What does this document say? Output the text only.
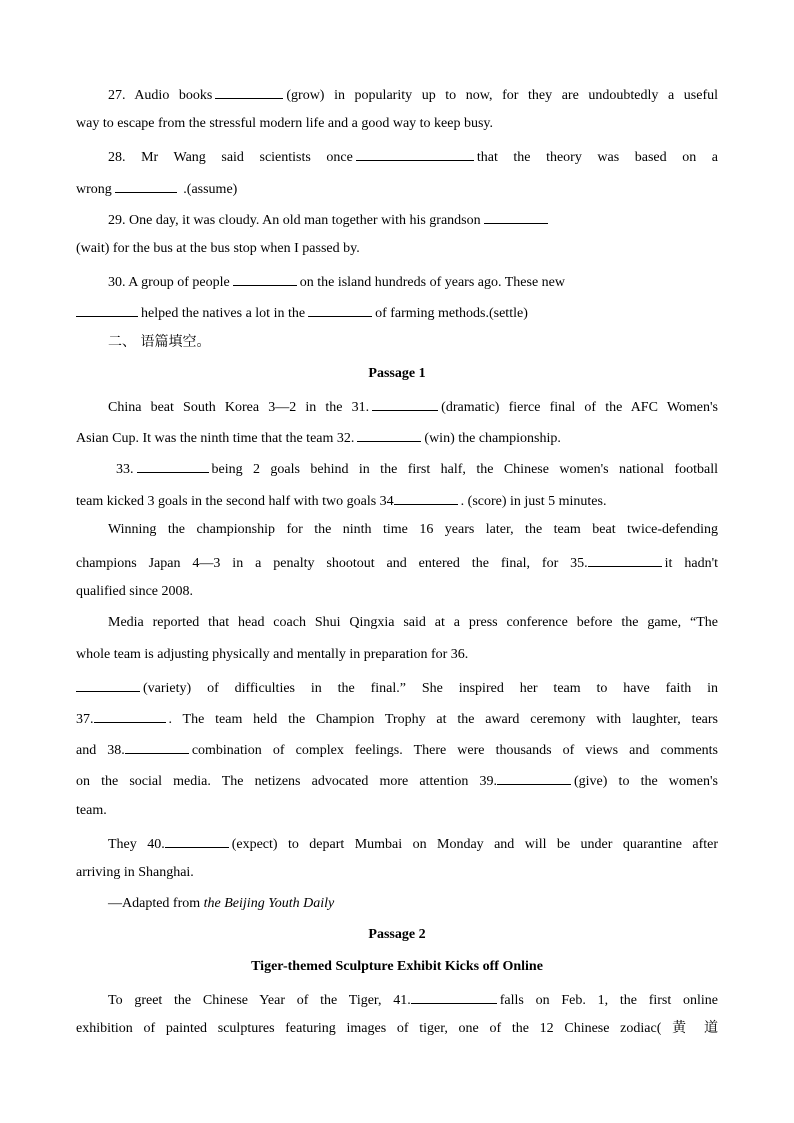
27. Audio books	(grow) in popularity up to now, for they are undoubtedly a useful

way to escape from the stressful modern life and a good way to keep busy.

28. Mr Wang said scientists once	that the theory was based on a

wrong	.(assume)

29. One day, it was cloudy. An old man together with his grandson

(wait) for the bus at the bus stop when I passed by.

30. A group of people	on the island hundreds of years ago. These new

helped the natives a lot in the	of farming methods.(settle)

二、 语篇填空。

Passage 1

China beat South Korea 3—2 in the 31.	(dramatic) fierce final of the AFC Women's

Asian Cup. It was the ninth time that the team 32.	(win) the championship.

33.	being 2 goals behind in the first half, the Chinese women's national football

team kicked 3 goals in the second half with two goals 34	. (score) in just 5 minutes.

Winning the championship for the ninth time 16 years later, the team beat twice-defending

champions Japan 4—3 in a penalty shootout and entered the final, for 35.	it hadn't

qualified since 2008.

Media reported that head coach Shui Qingxia said at a press conference before the game, “The

whole team is adjusting physically and mentally in preparation for 36.

(variety) of difficulties in the final.” She inspired her team to have faith in

37.	. The team held the Champion Trophy at the award ceremony with laughter, tears

and 38.	combination of complex feelings. There were thousands of views and comments

on the social media. The netizens advocated more attention 39.	(give) to the women's

team.

They 40.	(expect) to depart Mumbai on Monday and will be under quarantine after

arriving in Shanghai.

—Adapted from the Beijing Youth Daily

Passage 2

Tiger-themed Sculpture Exhibit Kicks off Online

To greet the Chinese Year of the Tiger, 41.	falls on Feb. 1, the first online

exhibition of painted sculptures featuring images of tiger, one of the 12 Chinese zodiac( 黄 道
